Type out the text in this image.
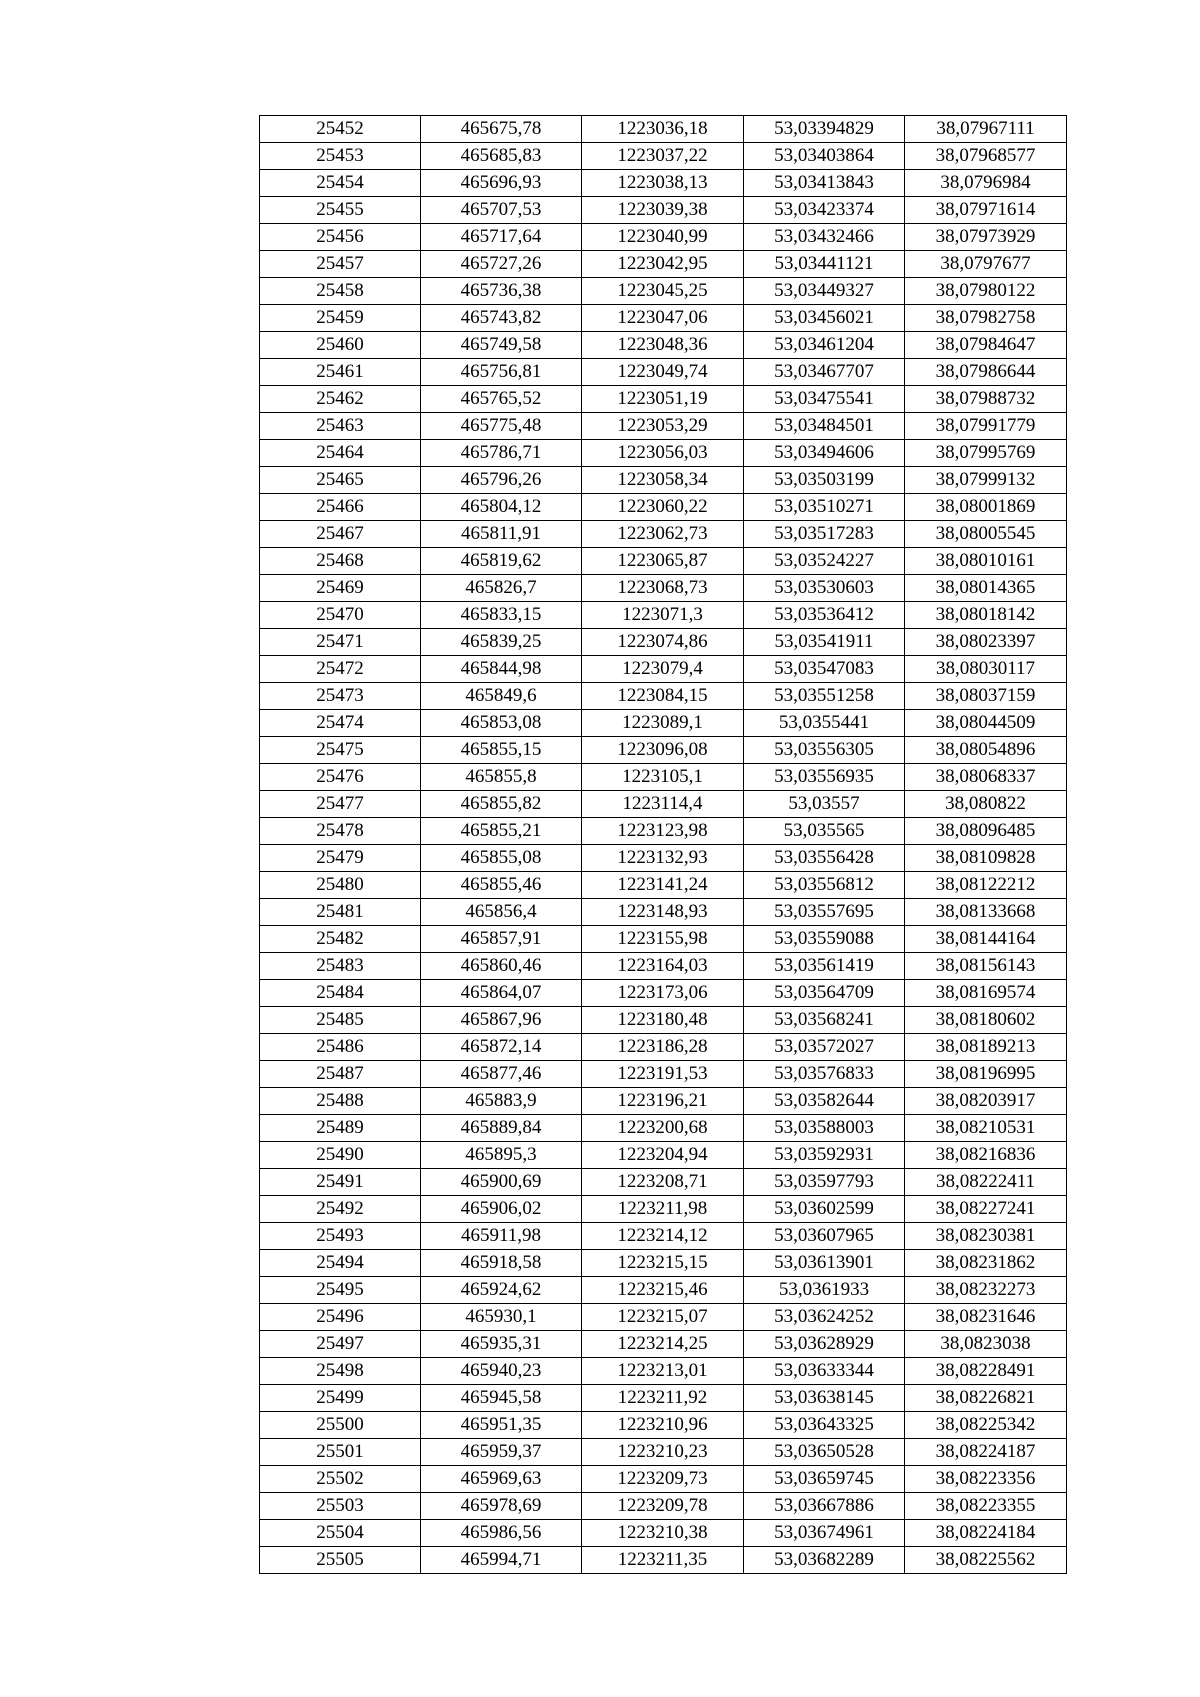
25452	465675,78	1223036,18	53,03394829	38,07967111
25453	465685,83	1223037,22	53,03403864	38,07968577
25454	465696,93	1223038,13	53,03413843	38,0796984
25455	465707,53	1223039,38	53,03423374	38,07971614
25456	465717,64	1223040,99	53,03432466	38,07973929
25457	465727,26	1223042,95	53,03441121	38,0797677
25458	465736,38	1223045,25	53,03449327	38,07980122
25459	465743,82	1223047,06	53,03456021	38,07982758
25460	465749,58	1223048,36	53,03461204	38,07984647
25461	465756,81	1223049,74	53,03467707	38,07986644
25462	465765,52	1223051,19	53,03475541	38,07988732
25463	465775,48	1223053,29	53,03484501	38,07991779
25464	465786,71	1223056,03	53,03494606	38,07995769
25465	465796,26	1223058,34	53,03503199	38,07999132
25466	465804,12	1223060,22	53,03510271	38,08001869
25467	465811,91	1223062,73	53,03517283	38,08005545
25468	465819,62	1223065,87	53,03524227	38,08010161
25469	465826,7	1223068,73	53,03530603	38,08014365
25470	465833,15	1223071,3	53,03536412	38,08018142
25471	465839,25	1223074,86	53,03541911	38,08023397
25472	465844,98	1223079,4	53,03547083	38,08030117
25473	465849,6	1223084,15	53,03551258	38,08037159
25474	465853,08	1223089,1	53,0355441	38,08044509
25475	465855,15	1223096,08	53,03556305	38,08054896
25476	465855,8	1223105,1	53,03556935	38,08068337
25477	465855,82	1223114,4	53,03557	38,080822
25478	465855,21	1223123,98	53,035565	38,08096485
25479	465855,08	1223132,93	53,03556428	38,08109828
25480	465855,46	1223141,24	53,03556812	38,08122212
25481	465856,4	1223148,93	53,03557695	38,08133668
25482	465857,91	1223155,98	53,03559088	38,08144164
25483	465860,46	1223164,03	53,03561419	38,08156143
25484	465864,07	1223173,06	53,03564709	38,08169574
25485	465867,96	1223180,48	53,03568241	38,08180602
25486	465872,14	1223186,28	53,03572027	38,08189213
25487	465877,46	1223191,53	53,03576833	38,08196995
25488	465883,9	1223196,21	53,03582644	38,08203917
25489	465889,84	1223200,68	53,03588003	38,08210531
25490	465895,3	1223204,94	53,03592931	38,08216836
25491	465900,69	1223208,71	53,03597793	38,08222411
25492	465906,02	1223211,98	53,03602599	38,08227241
25493	465911,98	1223214,12	53,03607965	38,08230381
25494	465918,58	1223215,15	53,03613901	38,08231862
25495	465924,62	1223215,46	53,0361933	38,08232273
25496	465930,1	1223215,07	53,03624252	38,08231646
25497	465935,31	1223214,25	53,03628929	38,0823038
25498	465940,23	1223213,01	53,03633344	38,08228491
25499	465945,58	1223211,92	53,03638145	38,08226821
25500	465951,35	1223210,96	53,03643325	38,08225342
25501	465959,37	1223210,23	53,03650528	38,08224187
25502	465969,63	1223209,73	53,03659745	38,08223356
25503	465978,69	1223209,78	53,03667886	38,08223355
25504	465986,56	1223210,38	53,03674961	38,08224184
25505	465994,71	1223211,35	53,03682289	38,08225562
